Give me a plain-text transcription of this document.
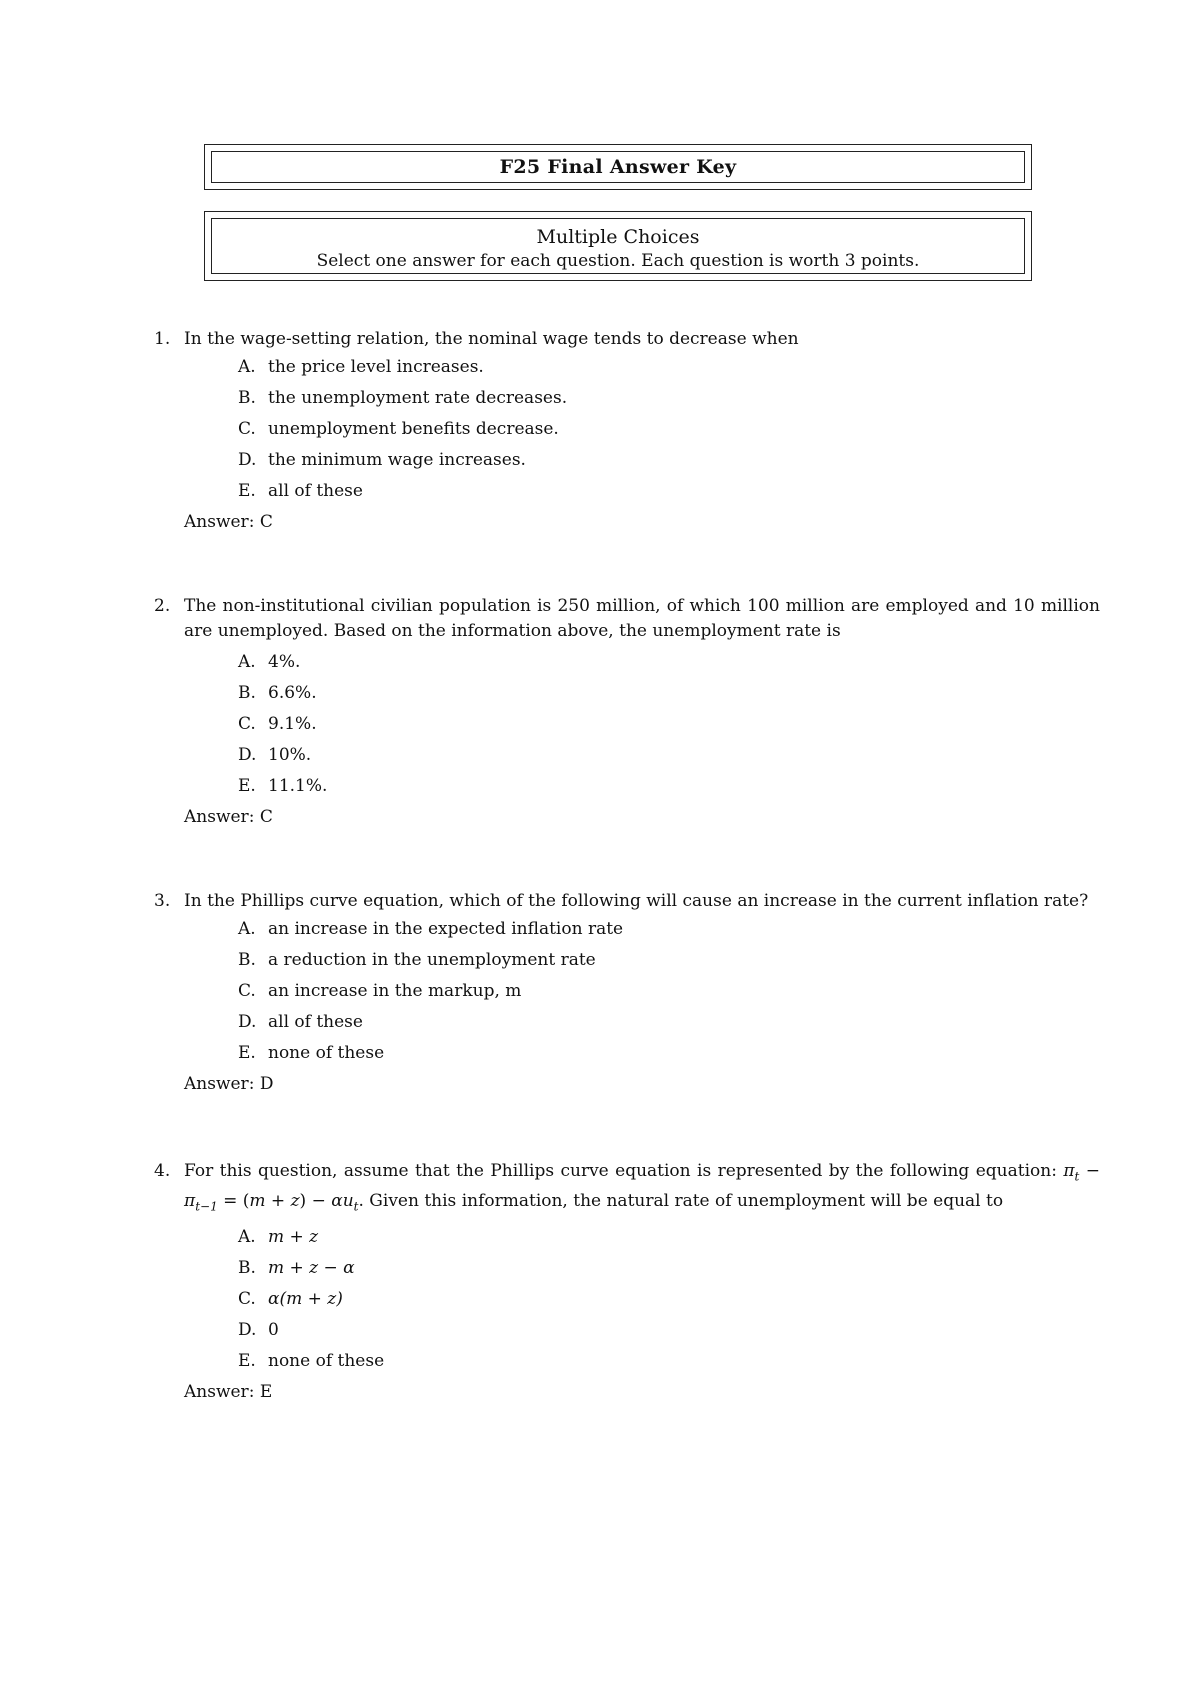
F25 Final Answer Key
Multiple Choices
Select one answer for each question. Each question is worth 3 points.
1. In the wage-setting relation, the nominal wage tends to decrease when
A. the price level increases.
B. the unemployment rate decreases.
C. unemployment benefits decrease.
D. the minimum wage increases.
E. all of these
Answer: C
2. The non-institutional civilian population is 250 million, of which 100 million are employed and 10 million are unemployed. Based on the information above, the unemployment rate is
A. 4%.
B. 6.6%.
C. 9.1%.
D. 10%.
E. 11.1%.
Answer: C
3. In the Phillips curve equation, which of the following will cause an increase in the current inflation rate?
A. an increase in the expected inflation rate
B. a reduction in the unemployment rate
C. an increase in the markup, m
D. all of these
E. none of these
Answer: D
4. For this question, assume that the Phillips curve equation is represented by the following equation: $\pi_t - \pi_{t-1} = (m + z) - \alpha u_t$. Given this information, the natural rate of unemployment will be equal to
A. m + z
B. m + z − α
C. α(m + z)
D. 0
E. none of these
Answer: E
